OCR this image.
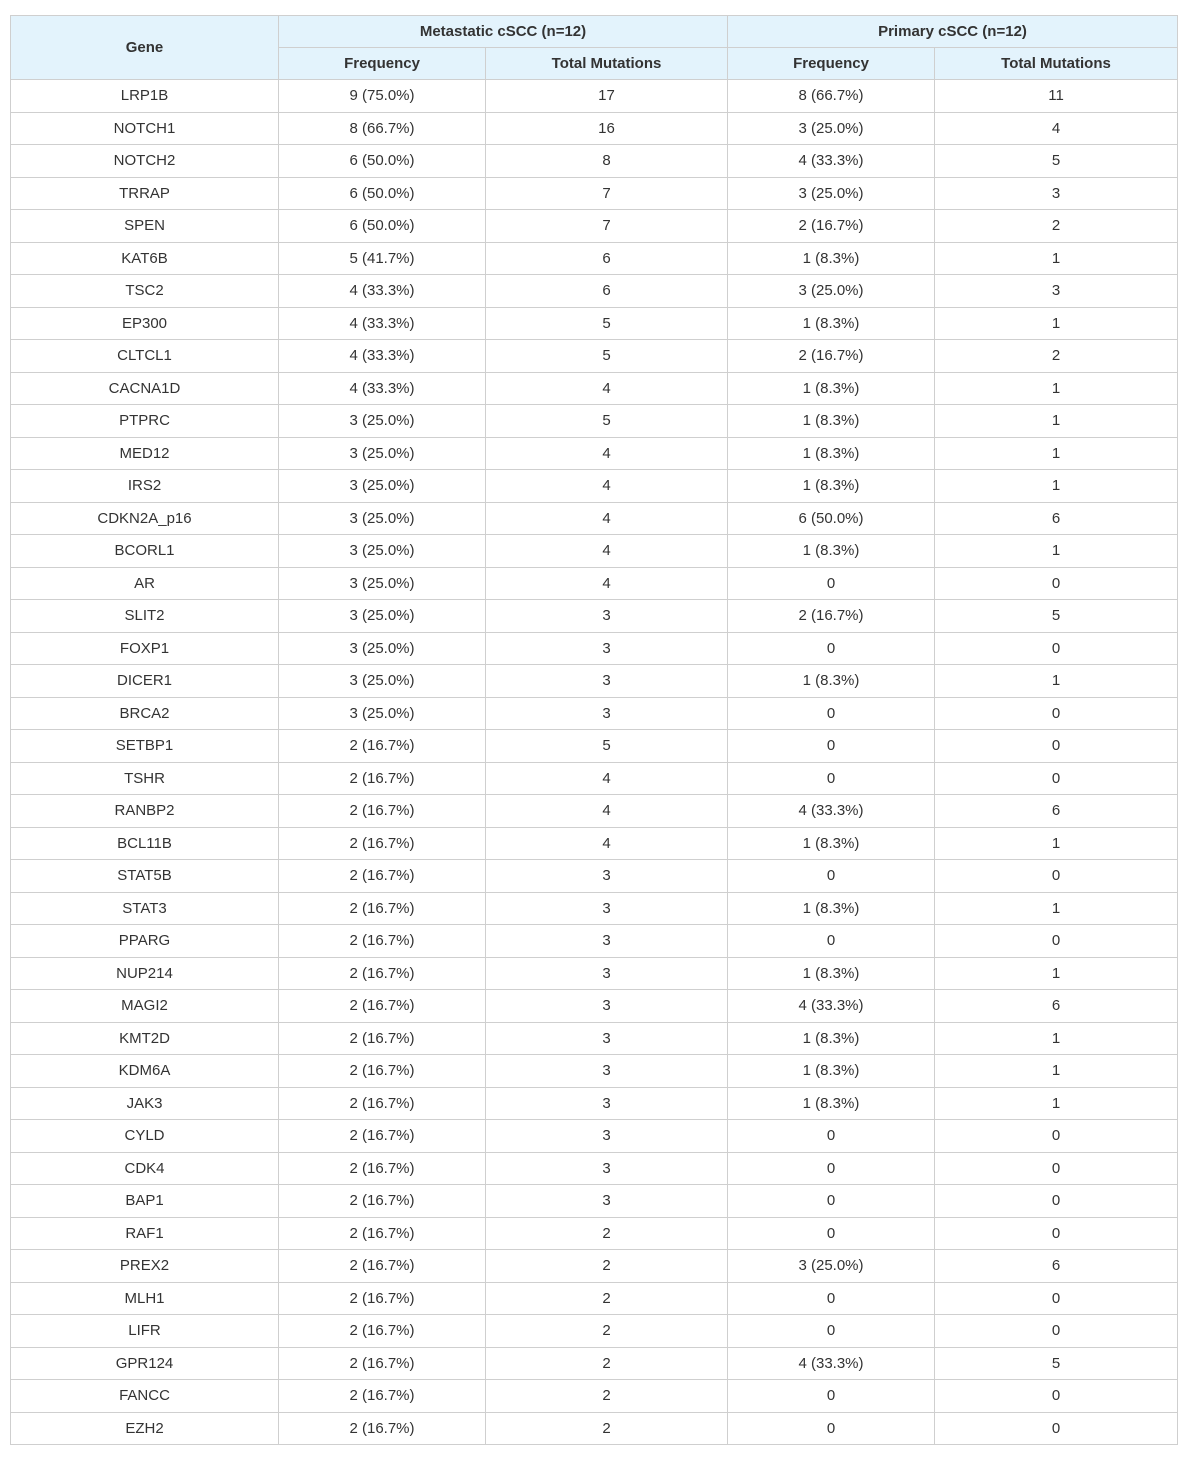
Gene	Metastatic cSCC (n=12)		Primary cSCC (n=12)	
	Frequency	Total Mutations	Frequency	Total Mutations
LRP1B	9 (75.0%)	17	8 (66.7%)	11
NOTCH1	8 (66.7%)	16	3 (25.0%)	4
NOTCH2	6 (50.0%)	8	4 (33.3%)	5
TRRAP	6 (50.0%)	7	3 (25.0%)	3
SPEN	6 (50.0%)	7	2 (16.7%)	2
KAT6B	5 (41.7%)	6	1 (8.3%)	1
TSC2	4 (33.3%)	6	3 (25.0%)	3
EP300	4 (33.3%)	5	1 (8.3%)	1
CLTCL1	4 (33.3%)	5	2 (16.7%)	2
CACNA1D	4 (33.3%)	4	1 (8.3%)	1
PTPRC	3 (25.0%)	5	1 (8.3%)	1
MED12	3 (25.0%)	4	1 (8.3%)	1
IRS2	3 (25.0%)	4	1 (8.3%)	1
CDKN2A_p16	3 (25.0%)	4	6 (50.0%)	6
BCORL1	3 (25.0%)	4	1 (8.3%)	1
AR	3 (25.0%)	4	0	0
SLIT2	3 (25.0%)	3	2 (16.7%)	5
FOXP1	3 (25.0%)	3	0	0
DICER1	3 (25.0%)	3	1 (8.3%)	1
BRCA2	3 (25.0%)	3	0	0
SETBP1	2 (16.7%)	5	0	0
TSHR	2 (16.7%)	4	0	0
RANBP2	2 (16.7%)	4	4 (33.3%)	6
BCL11B	2 (16.7%)	4	1 (8.3%)	1
STAT5B	2 (16.7%)	3	0	0
STAT3	2 (16.7%)	3	1 (8.3%)	1
PPARG	2 (16.7%)	3	0	0
NUP214	2 (16.7%)	3	1 (8.3%)	1
MAGI2	2 (16.7%)	3	4 (33.3%)	6
KMT2D	2 (16.7%)	3	1 (8.3%)	1
KDM6A	2 (16.7%)	3	1 (8.3%)	1
JAK3	2 (16.7%)	3	1 (8.3%)	1
CYLD	2 (16.7%)	3	0	0
CDK4	2 (16.7%)	3	0	0
BAP1	2 (16.7%)	3	0	0
RAF1	2 (16.7%)	2	0	0
PREX2	2 (16.7%)	2	3 (25.0%)	6
MLH1	2 (16.7%)	2	0	0
LIFR	2 (16.7%)	2	0	0
GPR124	2 (16.7%)	2	4 (33.3%)	5
FANCC	2 (16.7%)	2	0	0
EZH2	2 (16.7%)	2	0	0
